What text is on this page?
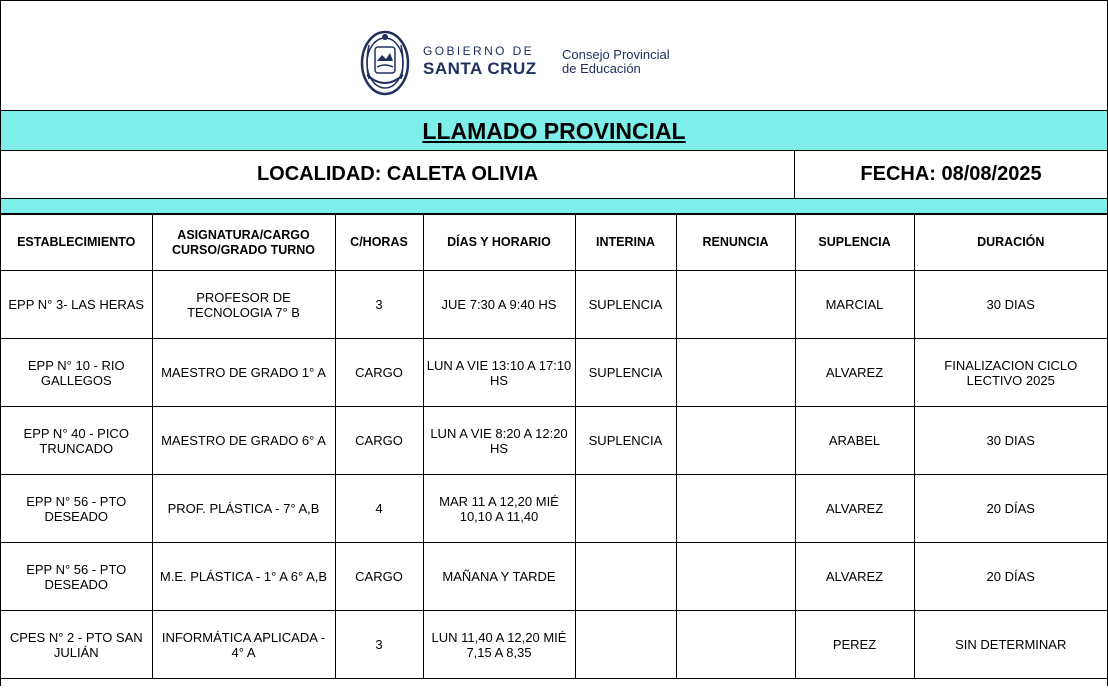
GOBIERNO DE
SANTA CRUZ
Consejo Provincial
de Educación
LLAMADO PROVINCIAL
LOCALIDAD: CALETA OLIVIA	FECHA: 08/08/2025
ESTABLECIMIENTO	ASIGNATURA/CARGO CURSO/GRADO TURNO	C/HORAS	DÍAS Y HORARIO	INTERINA	RENUNCIA	SUPLENCIA	DURACIÓN
EPP N° 3- LAS HERAS	PROFESOR DE TECNOLOGIA 7° B	3	JUE 7:30 A 9:40 HS	SUPLENCIA		MARCIAL	30 DIAS
EPP N° 10 - RIO GALLEGOS	MAESTRO DE GRADO 1° A	CARGO	LUN A VIE 13:10 A 17:10 HS	SUPLENCIA		ALVAREZ	FINALIZACION CICLO LECTIVO 2025
EPP N° 40 - PICO TRUNCADO	MAESTRO DE GRADO 6° A	CARGO	LUN A VIE 8:20 A 12:20 HS	SUPLENCIA		ARABEL	30 DIAS
EPP N° 56 - PTO DESEADO	PROF. PLÁSTICA - 7° A,B	4	MAR 11 A 12,20 MIÉ 10,10 A 11,40			ALVAREZ	20 DÍAS
EPP N° 56 - PTO DESEADO	M.E. PLÁSTICA - 1° A 6° A,B	CARGO	MAÑANA Y TARDE			ALVAREZ	20 DÍAS
CPES N° 2 - PTO SAN JULIÁN	INFORMÁTICA APLICADA - 4° A	3	LUN 11,40 A 12,20 MIÉ 7,15 A 8,35			PEREZ	SIN DETERMINAR
